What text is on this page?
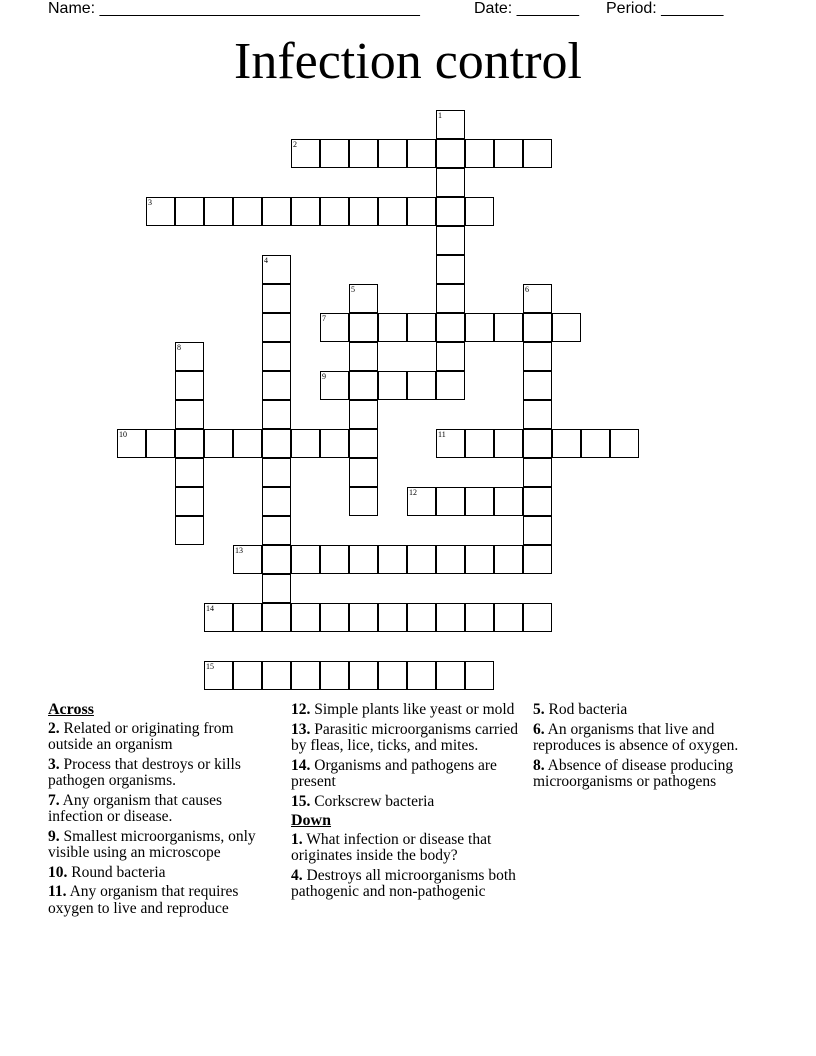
Name: ____________________________________

	Date: _______

Period: _______

Infection control
1
2
3
4
5	6
7
8
9
10	11
12
13
14
15
Across
2. Related or originating from outside an organism
3. Process that destroys or kills pathogen organisms.
7. Any organism that causes infection or disease.
9. Smallest microorganisms, only visible using an microscope
10. Round bacteria
11. Any organism that requires oxygen to live and reproduce
12. Simple plants like yeast or mold
13. Parasitic microorganisms carried by fleas, lice, ticks, and mites.
14. Organisms and pathogens are present
15. Corkscrew bacteria
Down
1. What infection or disease that originates inside the body?
4. Destroys all microorganisms both pathogenic and non-pathogenic
5. Rod bacteria
6. An organisms that live and reproduces is absence of oxygen.
8. Absence of disease producing microorganisms or pathogens
